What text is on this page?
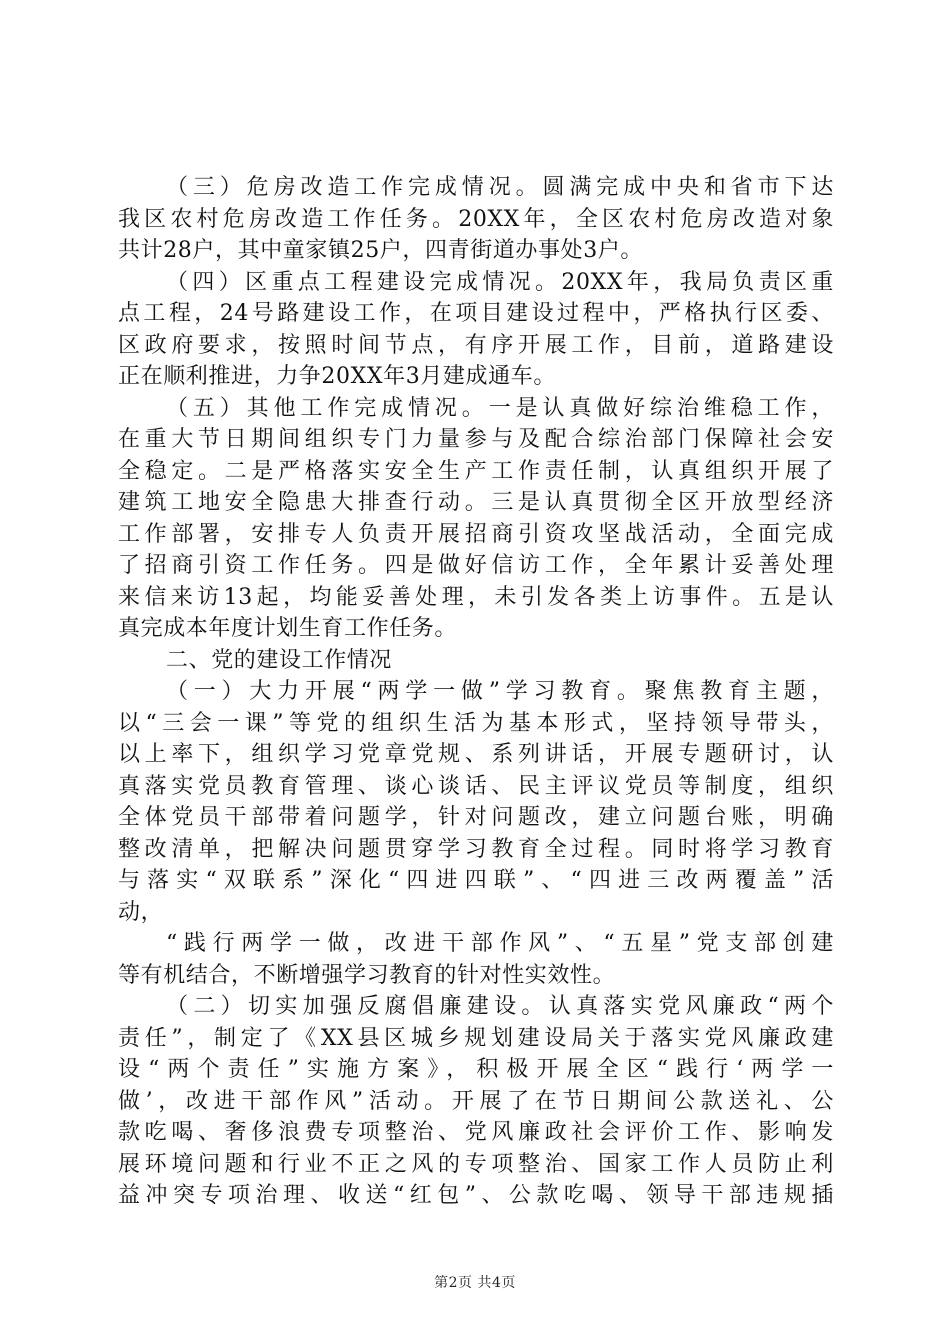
（三）危房改造工作完成情况。圆满完成中央和省市下达
我区农村危房改造工作任务。20XX年，全区农村危房改造对象
共计28户，其中童家镇25户，四青街道办事处3户。
（四）区重点工程建设完成情况。20XX年，我局负责区重
点工程，24号路建设工作，在项目建设过程中，严格执行区委、
区政府要求，按照时间节点，有序开展工作，目前，道路建设
正在顺利推进，力争20XX年3月建成通车。
（五）其他工作完成情况。一是认真做好综治维稳工作，
在重大节日期间组织专门力量参与及配合综治部门保障社会安
全稳定。二是严格落实安全生产工作责任制，认真组织开展了
建筑工地安全隐患大排查行动。三是认真贯彻全区开放型经济
工作部署，安排专人负责开展招商引资攻坚战活动，全面完成
了招商引资工作任务。四是做好信访工作，全年累计妥善处理
来信来访13起，均能妥善处理，未引发各类上访事件。五是认
真完成本年度计划生育工作任务。
二、党的建设工作情况
（一）大力开展“两学一做”学习教育。聚焦教育主题，
以“三会一课”等党的组织生活为基本形式，坚持领导带头，
以上率下，组织学习党章党规、系列讲话，开展专题研讨，认
真落实党员教育管理、谈心谈话、民主评议党员等制度，组织
全体党员干部带着问题学，针对问题改，建立问题台账，明确
整改清单，把解决问题贯穿学习教育全过程。同时将学习教育
与落实“双联系”深化“四进四联”、“四进三改两覆盖”活
动，
“践行两学一做，改进干部作风”、“五星”党支部创建
等有机结合，不断增强学习教育的针对性实效性。
（二）切实加强反腐倡廉建设。认真落实党风廉政“两个
责任”，制定了《XX县区城乡规划建设局关于落实党风廉政建
设“两个责任”实施方案》，积极开展全区“践行‘两学一
做’，改进干部作风”活动。开展了在节日期间公款送礼、公
款吃喝、奢侈浪费专项整治、党风廉政社会评价工作、影响发
展环境问题和行业不正之风的专项整治、国家工作人员防止利
益冲突专项治理、收送“红包”、公款吃喝、领导干部违规插
第2页 共4页
